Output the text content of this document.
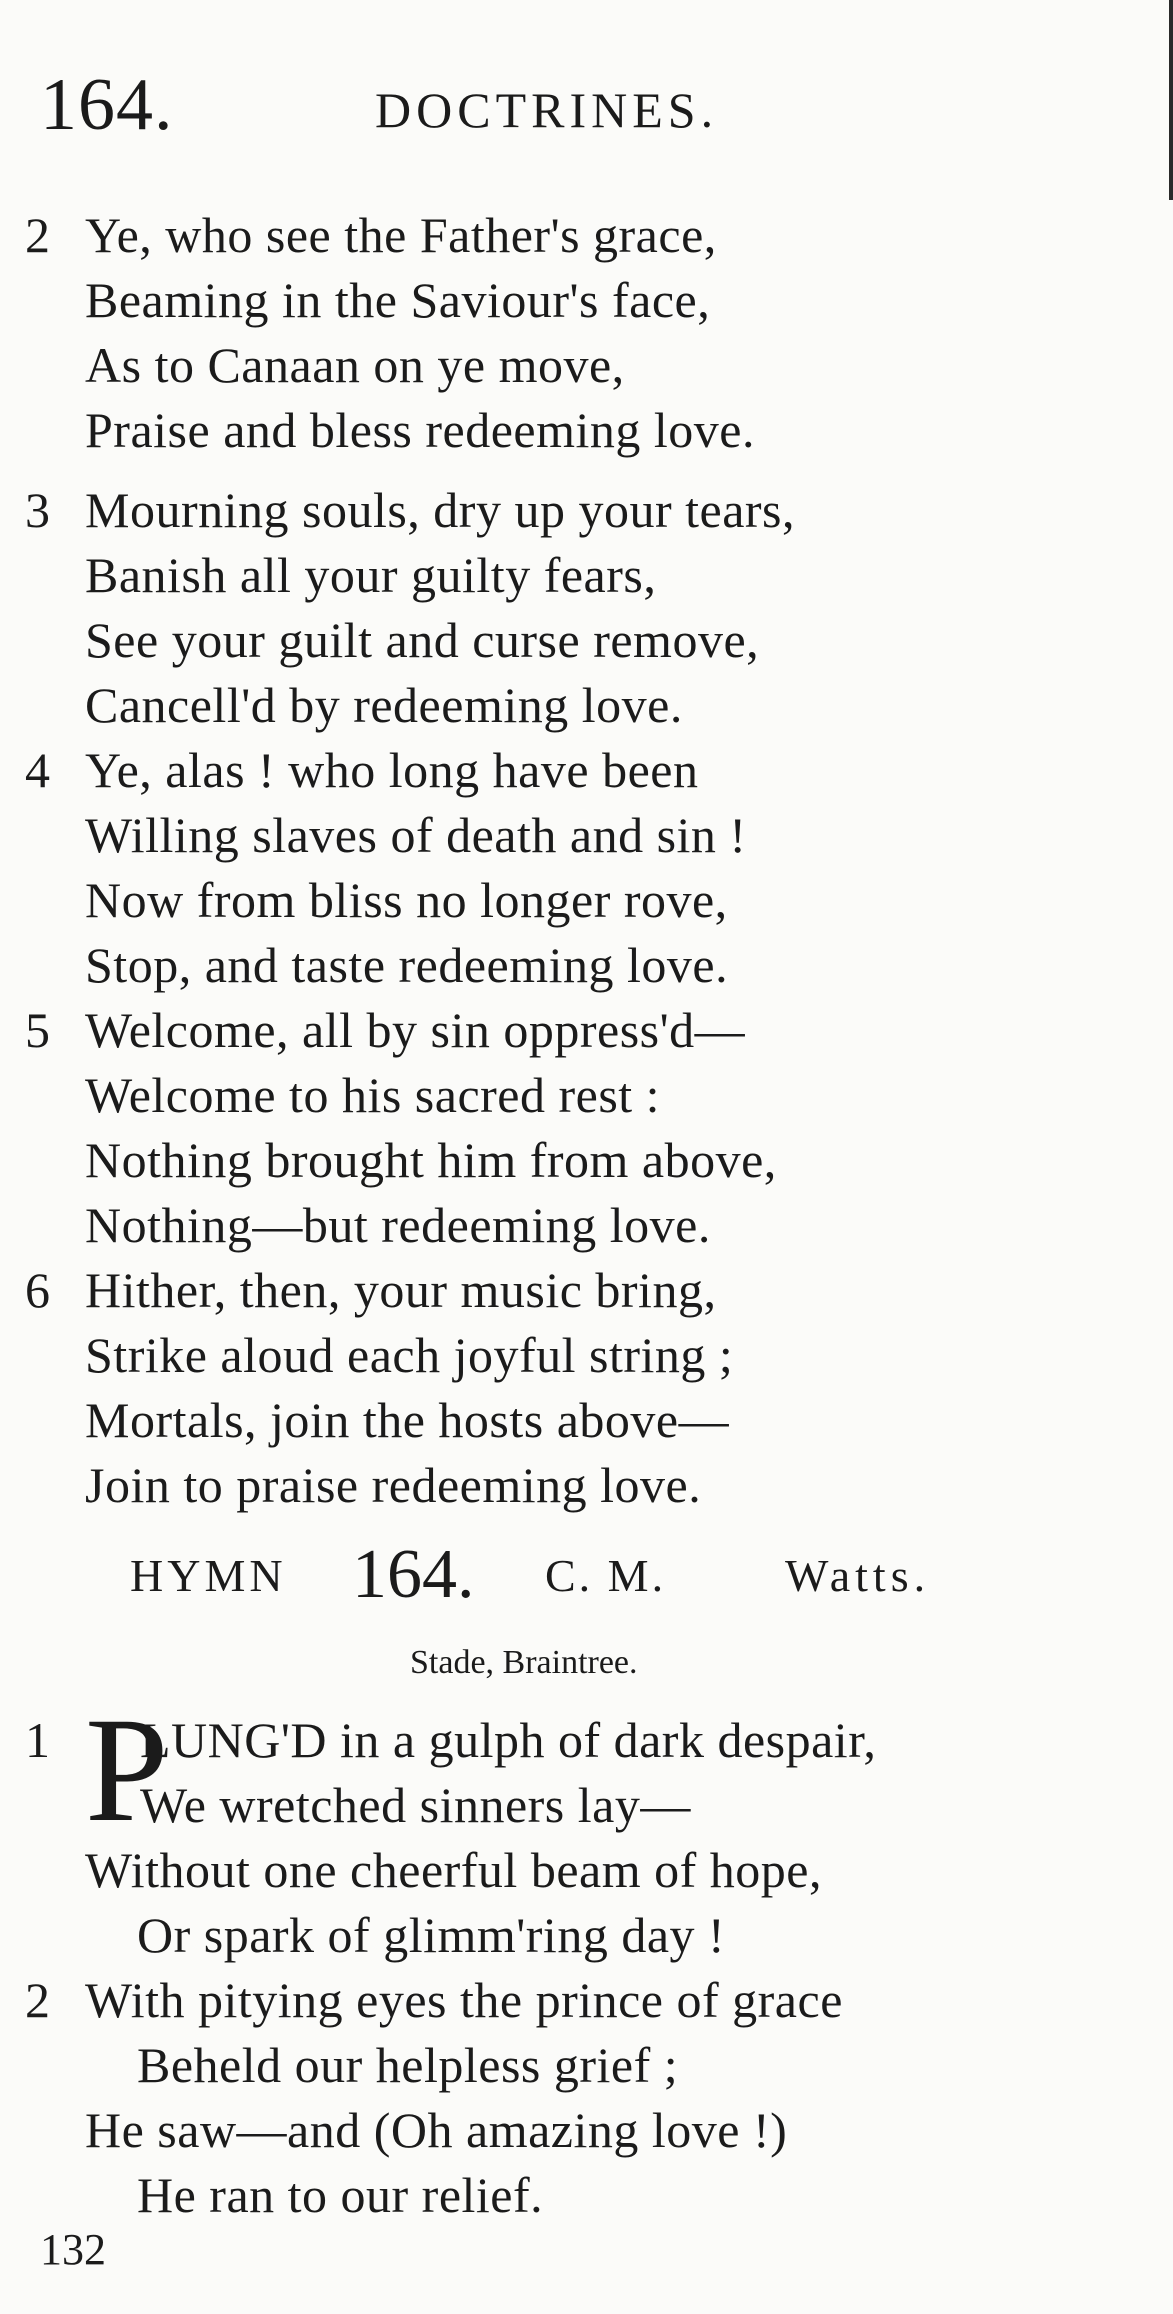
164.	DOCTRINES.
2 Ye, who see the Father's grace,
Beaming in the Saviour's face,
As to Canaan on ye move,
Praise and bless redeeming love.
3 Mourning souls, dry up your tears,
Banish all your guilty fears,
See your guilt and curse remove,
Cancell'd by redeeming love.
4 Ye, alas ! who long have been
Willing slaves of death and sin !
Now from bliss no longer rove,
Stop, and taste redeeming love.
5 Welcome, all by sin oppress'd—
Welcome to his sacred rest :
Nothing brought him from above,
Nothing—but redeeming love.
6 Hither, then, your music bring,
Strike aloud each joyful string ;
Mortals, join the hosts above—
Join to praise redeeming love.
HYMN 164. C. M.	Watts.
Stade, Braintree.
1	LUNG'D in a gulph of dark despair,
We wretched sinners lay—
Without one cheerful beam of hope,
Or spark of glimm'ring day !
P
2 With pitying eyes the prince of grace
Beheld our helpless grief ;
He saw—and (Oh amazing love !)
He ran to our relief.
132
